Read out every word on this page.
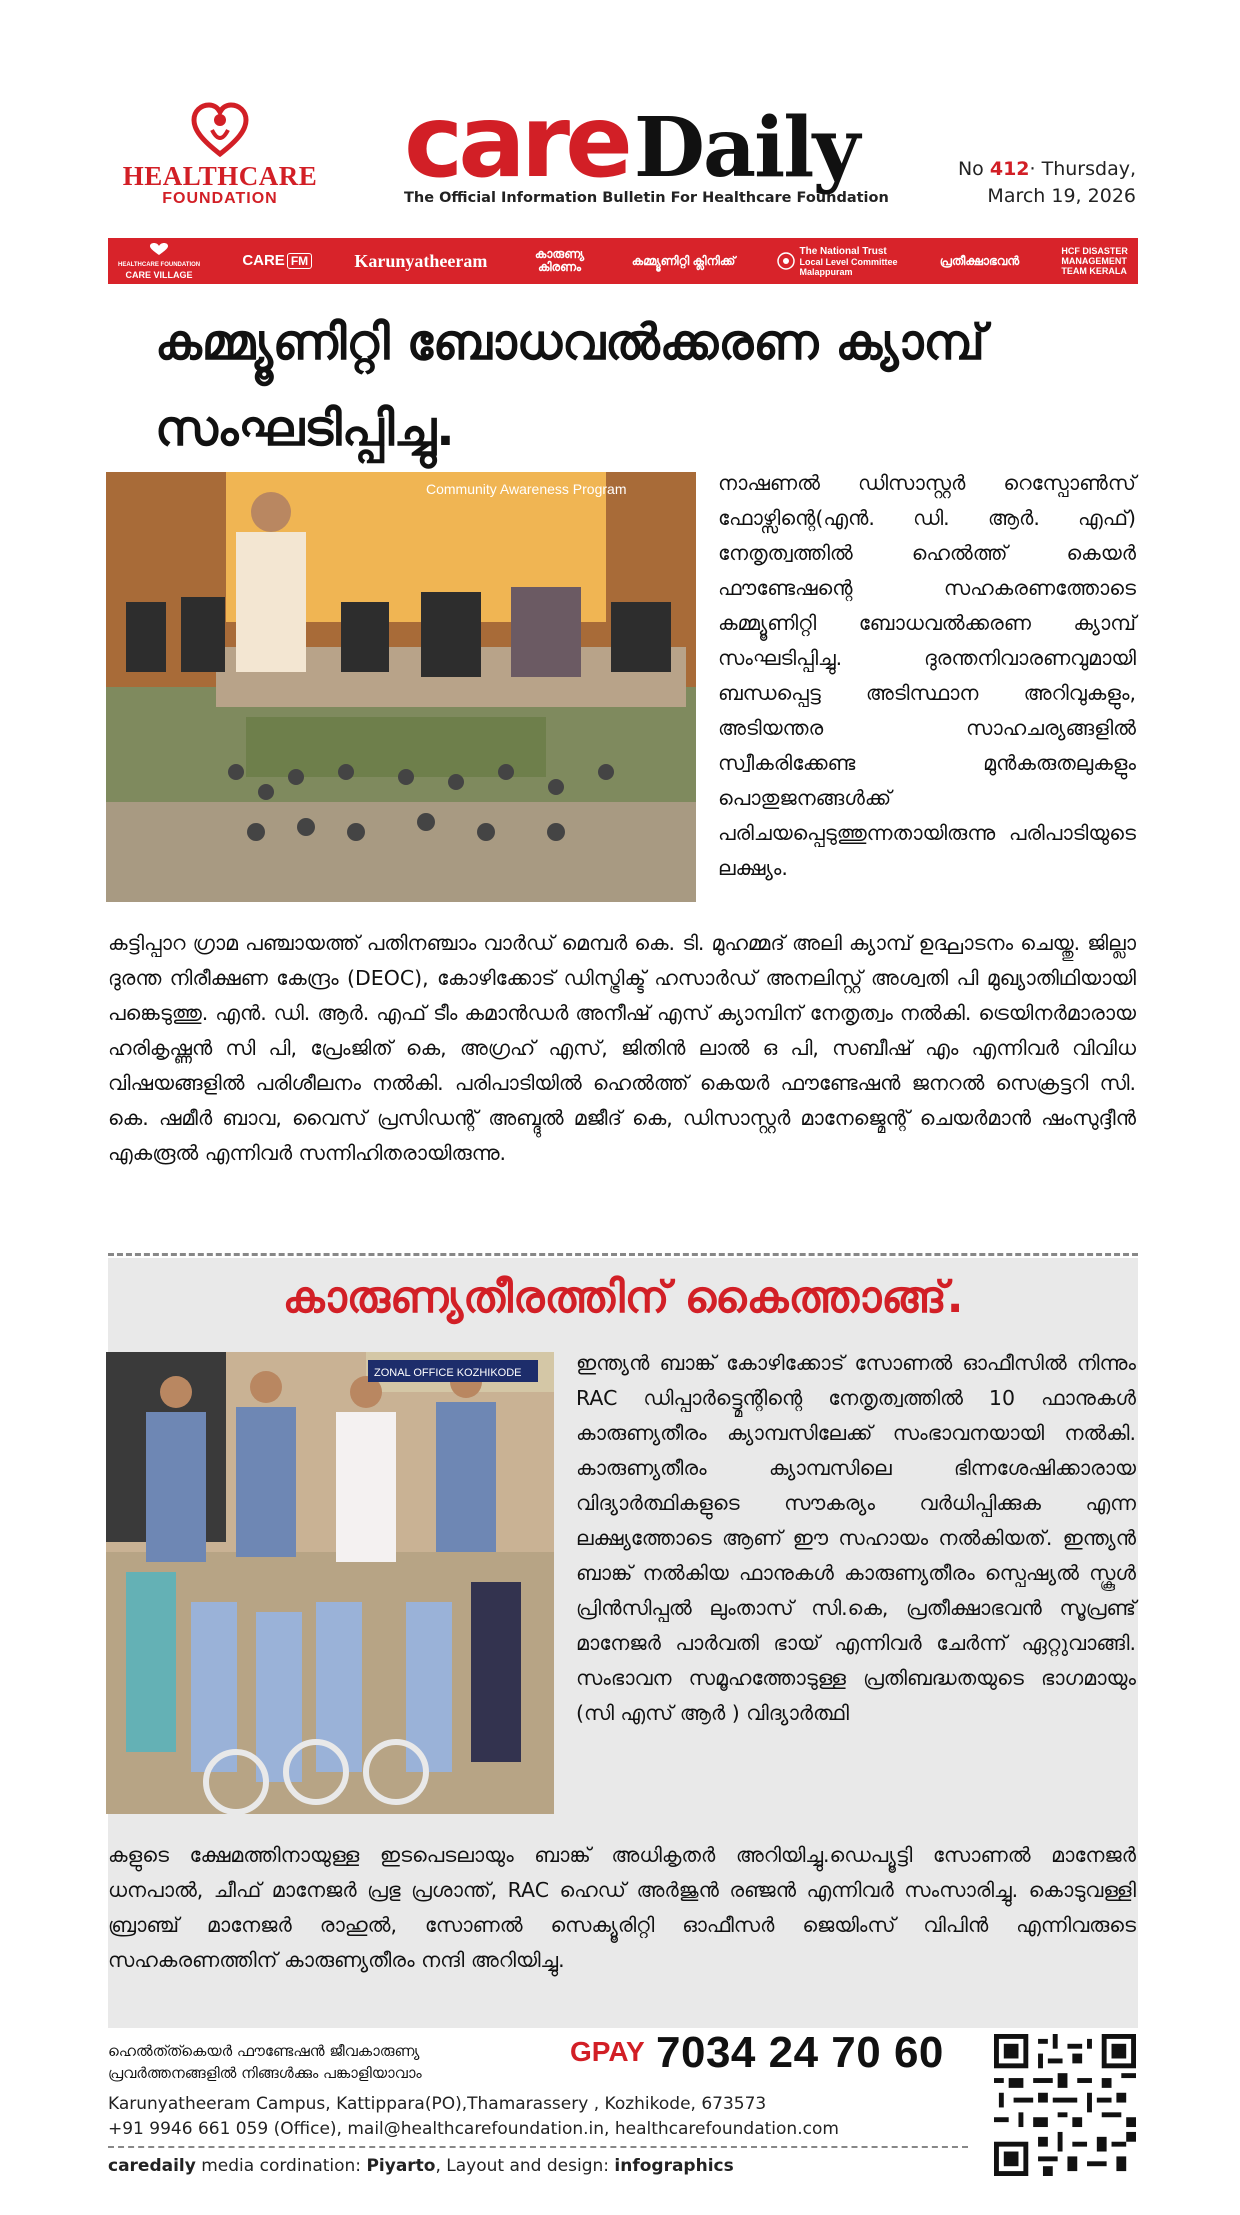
HEALTHCARE
FOUNDATION	careDaily
The Official Information Bulletin For Healthcare Foundation
No 412· Thursday,
March 19, 2026

HEALTHCARE FOUNDATION
CARE VILLAGE
CARE FM	Karunyatheeram	കാരുണ്യ കിരണം	കമ്മ്യൂണിറ്റി ക്ലിനിക്ക്
The National Trust
Local Level Committee
Malappuram
പ്രതീക്ഷാഭവൻ
HCF DISASTER
MANAGEMENT
TEAM KERALA
കമ്മ്യൂണിറ്റി ബോധവൽക്കരണ ക്യാമ്പ് സംഘടിപ്പിച്ചു.
Community Awareness Program	നാഷണൽ ഡിസാസ്റ്റർ റെസ്പോൺസ് ഫോഴ്സിന്റെ(എൻ. ഡി. ആർ. എഫ്) നേതൃത്വത്തിൽ ഹെൽത്ത് കെയർ ഫൗണ്ടേഷന്റെ സഹകരണത്തോടെ കമ്മ്യൂണിറ്റി ബോധവൽക്കരണ ക്യാമ്പ് സംഘടിപ്പിച്ചു. ദുരന്തനിവാരണവുമായി ബന്ധപ്പെട്ട അടിസ്ഥാന അറിവുകളും, അടിയന്തര സാഹചര്യങ്ങളിൽ സ്വീകരിക്കേണ്ട മുൻകരുതലുകളും പൊതുജനങ്ങൾക്ക് പരിചയപ്പെടുത്തുന്നതായിരുന്നു പരിപാടിയുടെ ലക്ഷ്യം.
കട്ടിപ്പാറ ഗ്രാമ പഞ്ചായത്ത് പതിനഞ്ചാം വാർഡ് മെമ്പർ കെ. ടി. മുഹമ്മദ് അലി ക്യാമ്പ് ഉദ്ഘാടനം ചെയ്തു. ജില്ലാ ദുരന്ത നിരീക്ഷണ കേന്ദ്രം (DEOC), കോഴിക്കോട് ഡിസ്ട്രിക്ട് ഹസാർഡ് അനലിസ്റ്റ് അശ്വതി പി മുഖ്യാതിഥിയായി പങ്കെടുത്തു. എൻ. ഡി. ആർ. എഫ് ടീം കമാൻഡർ അനീഷ് എസ് ക്യാമ്പിന് നേതൃത്വം നൽകി. ട്രെയിനർമാരായ ഹരികൃഷ്ണൻ സി പി, പ്രേംജിത് കെ, അഗ്രഹ് എസ്, ജിതിൻ ലാൽ ഒ പി, സബീഷ് എം എന്നിവർ വിവിധ വിഷയങ്ങളിൽ പരിശീലനം നൽകി. പരിപാടിയിൽ ഹെൽത്ത് കെയർ ഫൗണ്ടേഷൻ ജനറൽ സെക്രട്ടറി സി. കെ. ഷമീർ ബാവ, വൈസ് പ്രസിഡന്റ് അബ്ദുൽ മജീദ് കെ, ഡിസാസ്റ്റർ മാനേജ്മെന്റ് ചെയർമാൻ ഷംസുദ്ദീൻ എകരൂൽ എന്നിവർ സന്നിഹിതരായിരുന്നു.
കാരുണ്യതീരത്തിന് കൈത്താങ്ങ്.
ZONAL OFFICE KOZHIKODE	ഇന്ത്യൻ ബാങ്ക് കോഴിക്കോട് സോണൽ ഓഫീസിൽ നിന്നും RAC ഡിപ്പാർട്ട്മെന്റിന്റെ നേതൃത്വത്തിൽ 10 ഫാനുകൾ കാരുണ്യതീരം ക്യാമ്പസിലേക്ക് സംഭാവനയായി നൽകി. കാരുണ്യതീരം ക്യാമ്പസിലെ ഭിന്നശേഷിക്കാരായ വിദ്യാർത്ഥികളുടെ സൗകര്യം വർധിപ്പിക്കുക എന്ന ലക്ഷ്യത്തോടെ ആണ് ഈ സഹായം നൽകിയത്. ഇന്ത്യൻ ബാങ്ക് നൽകിയ ഫാനുകൾ കാരുണ്യതീരം സ്പെഷ്യൽ സ്കൂൾ പ്രിൻസിപ്പൽ ലുംതാസ് സി.കെ, പ്രതീക്ഷാഭവൻ സൂപ്രണ്ട് മാനേജർ പാർവതി ഭായ് എന്നിവർ ചേർന്ന് ഏറ്റുവാങ്ങി. സംഭാവന സമൂഹത്തോടുള്ള പ്രതിബദ്ധതയുടെ ഭാഗമായും (സി എസ് ആർ ) വിദ്യാർത്ഥി
കളുടെ ക്ഷേമത്തിനായുള്ള ഇടപെടലായും ബാങ്ക് അധികൃതർ അറിയിച്ചു.ഡെപ്യൂട്ടി സോണൽ മാനേജർ ധനപാൽ, ചീഫ് മാനേജർ പ്രഭു പ്രശാന്ത്, RAC ഹെഡ് അർജുൻ രഞ്ജൻ എന്നിവർ സംസാരിച്ചു. കൊടുവള്ളി ബ്രാഞ്ച് മാനേജർ രാഹുൽ, സോണൽ സെക്യൂരിറ്റി ഓഫീസർ ജെയിംസ് വിപിൻ എന്നിവരുടെ സഹകരണത്തിന് കാരുണ്യതീരം നന്ദി അറിയിച്ചു.
ഹെൽത്ത്കെയർ ഫൗണ്ടേഷൻ ജീവകാരുണ്യ
പ്രവർത്തനങ്ങളിൽ നിങ്ങൾക്കും പങ്കാളിയാവാം
GPAY 7034 24 70 60
Karunyatheeram Campus, Kattippara(PO),Thamarassery , Kozhikode, 673573
+91 9946 661 059 (Office), mail@healthcarefoundation.in, healthcarefoundation.com
caredaily media cordination: Piyarto, Layout and design: infographics
